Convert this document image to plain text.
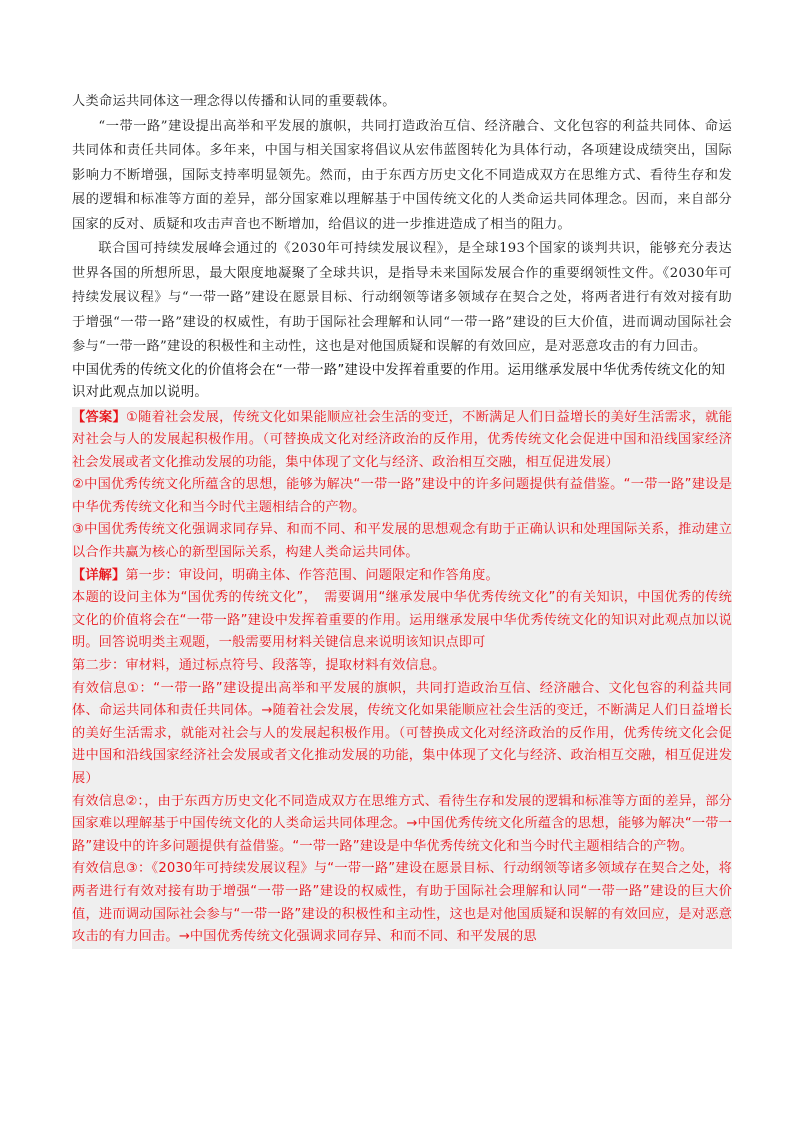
人类命运共同体这一理念得以传播和认同的重要载体。

“一带一路”建设提出高举和平发展的旗帜，共同打造政治互信、经济融合、文化包容的利益共同体、命运共同体和责任共同体。多年来，中国与相关国家将倡议从宏伟蓝图转化为具体行动，各项建设成绩突出，国际影响力不断增强，国际支持率明显领先。然而，由于东西方历史文化不同造成双方在思维方式、看待生存和发展的逻辑和标准等方面的差异，部分国家难以理解基于中国传统文化的人类命运共同体理念。因而，来自部分国家的反对、质疑和攻击声音也不断增加，给倡议的进一步推进造成了相当的阻力。

联合国可持续发展峰会通过的《2030年可持续发展议程》，是全球193个国家的谈判共识，能够充分表达世界各国的所想所思，最大限度地凝聚了全球共识，是指导未来国际发展合作的重要纲领性文件。《2030年可持续发展议程》与“一带一路”建设在愿景目标、行动纲领等诸多领域存在契合之处，将两者进行有效对接有助于增强“一带一路”建设的权威性，有助于国际社会理解和认同“一带一路”建设的巨大价值，进而调动国际社会参与“一带一路”建设的积极性和主动性，这也是对他国质疑和误解的有效回应，是对恶意攻击的有力回击。

中国优秀的传统文化的价值将会在“一带一路”建设中发挥着重要的作用。运用继承发展中华优秀传统文化的知识对此观点加以说明。

【答案】①随着社会发展，传统文化如果能顺应社会生活的变迁，不断满足人们日益增长的美好生活需求，就能对社会与人的发展起积极作用。（可替换成文化对经济政治的反作用，优秀传统文化会促进中国和沿线国家经济社会发展或者文化推动发展的功能，集中体现了文化与经济、政治相互交融，相互促进发展）

②中国优秀传统文化所蕴含的思想，能够为解决“一带一路”建设中的许多问题提供有益借鉴。“一带一路”建设是中华优秀传统文化和当今时代主题相结合的产物。

③中国优秀传统文化强调求同存异、和而不同、和平发展的思想观念有助于正确认识和处理国际关系，推动建立以合作共赢为核心的新型国际关系，构建人类命运共同体。

【详解】第一步：审设问，明确主体、作答范围、问题限定和作答角度。

本题的设问主体为“国优秀的传统文化”，　需要调用“继承发展中华优秀传统文化”的有关知识，中国优秀的传统文化的价值将会在“一带一路”建设中发挥着重要的作用。运用继承发展中华优秀传统文化的知识对此观点加以说明。回答说明类主观题，一般需要用材料关键信息来说明该知识点即可

第二步：审材料，通过标点符号、段落等，提取材料有效信息。

有效信息①：“一带一路”建设提出高举和平发展的旗帜，共同打造政治互信、经济融合、文化包容的利益共同体、命运共同体和责任共同体。→随着社会发展，传统文化如果能顺应社会生活的变迁，不断满足人们日益增长的美好生活需求，就能对社会与人的发展起积极作用。（可替换成文化对经济政治的反作用，优秀传统文化会促进中国和沿线国家经济社会发展或者文化推动发展的功能，集中体现了文化与经济、政治相互交融，相互促进发展）

有效信息②：，由于东西方历史文化不同造成双方在思维方式、看待生存和发展的逻辑和标准等方面的差异，部分国家难以理解基于中国传统文化的人类命运共同体理念。→中国优秀传统文化所蕴含的思想，能够为解决“一带一路”建设中的许多问题提供有益借鉴。“一带一路”建设是中华优秀传统文化和当今时代主题相结合的产物。

有效信息③：《2030年可持续发展议程》与“一带一路”建设在愿景目标、行动纲领等诸多领域存在契合之处，将两者进行有效对接有助于增强“一带一路”建设的权威性，有助于国际社会理解和认同“一带一路”建设的巨大价值，进而调动国际社会参与“一带一路”建设的积极性和主动性，这也是对他国质疑和误解的有效回应，是对恶意攻击的有力回击。→中国优秀传统文化强调求同存异、和而不同、和平发展的思
